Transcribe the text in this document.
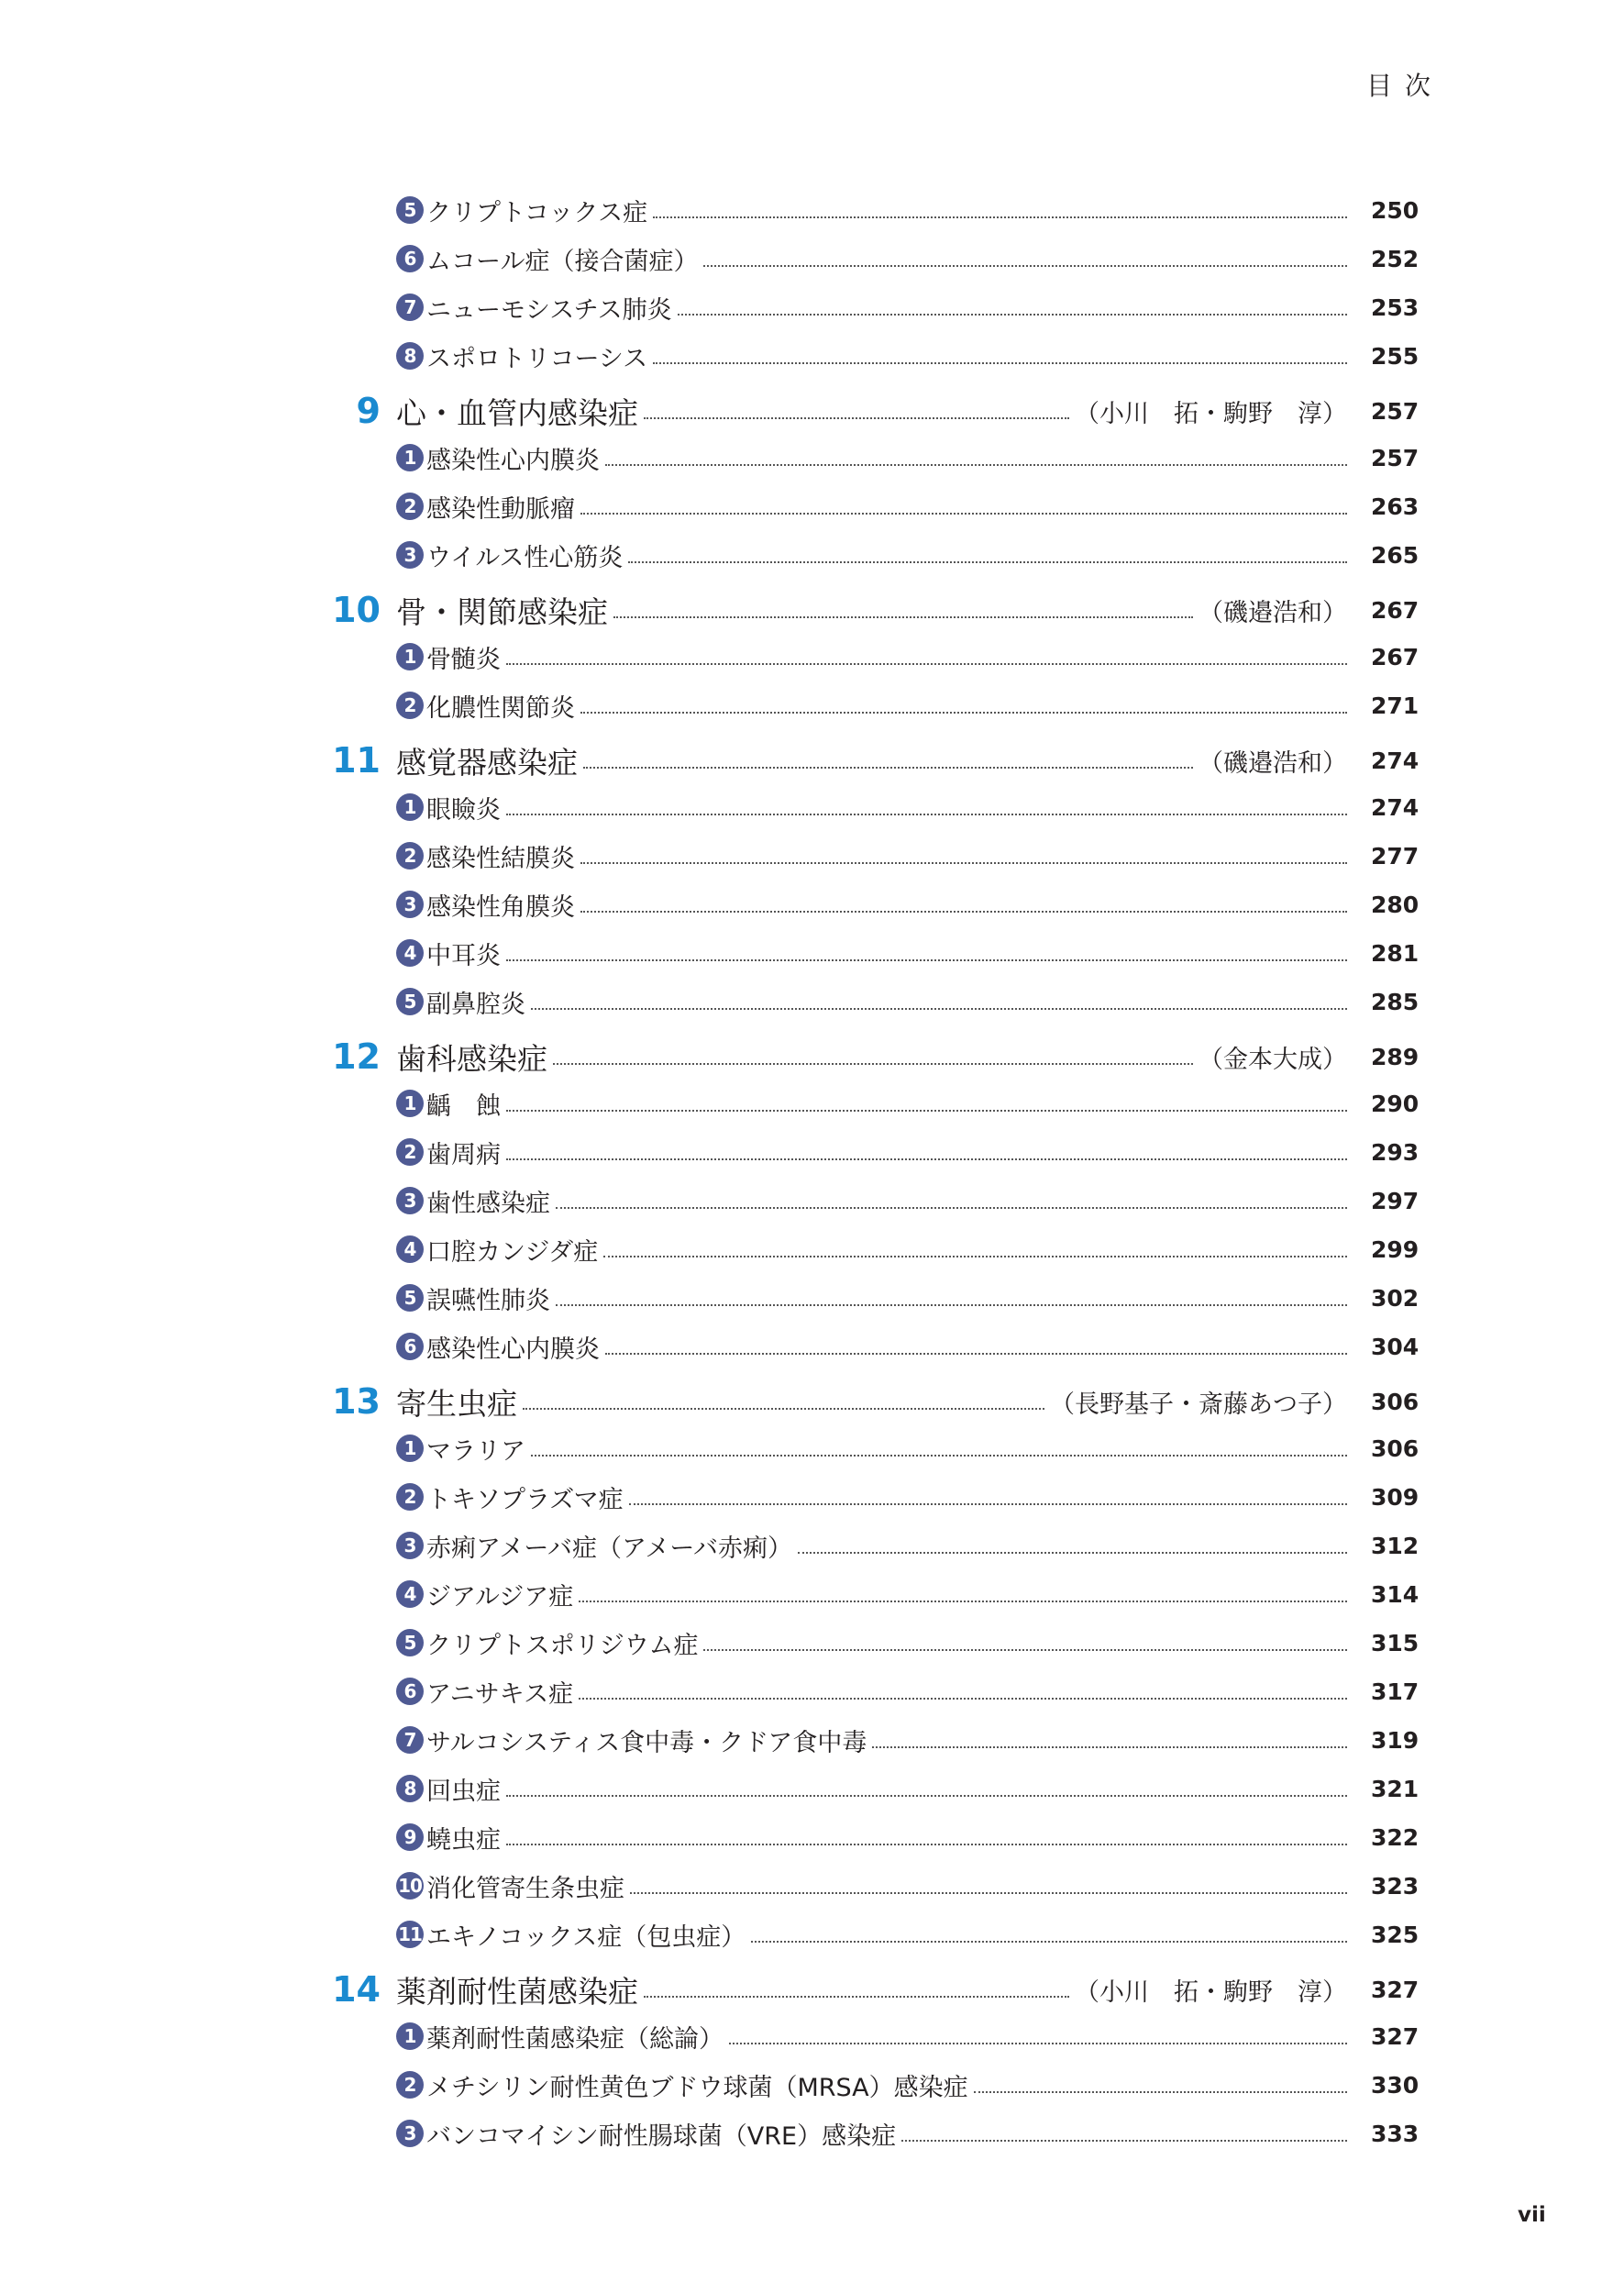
目次
5 クリプトコックス症	250
6 ムコール症（接合菌症）	252
7 ニューモシスチス肺炎	253
8 スポロトリコーシス	255
9 心・血管内感染症	（小川　拓・駒野　淳） 257
1 感染性心内膜炎	257
2 感染性動脈瘤	263
3 ウイルス性心筋炎	265
10 骨・関節感染症	（磯邉浩和） 267
1 骨髄炎	267
2 化膿性関節炎	271
11 感覚器感染症	（磯邉浩和） 274
1 眼瞼炎	274
2 感染性結膜炎	277
3 感染性角膜炎	280
4 中耳炎	281
5 副鼻腔炎	285
12 歯科感染症	（金本大成） 289
1 齲　蝕	290
2 歯周病	293
3 歯性感染症	297
4 口腔カンジダ症	299
5 誤嚥性肺炎	302
6 感染性心内膜炎	304
13 寄生虫症	（長野基子・斎藤あつ子） 306
1 マラリア	306
2 トキソプラズマ症	309
3 赤痢アメーバ症（アメーバ赤痢）	312
4 ジアルジア症	314
5 クリプトスポリジウム症	315
6 アニサキス症	317
7 サルコシスティス食中毒・クドア食中毒	319
8 回虫症	321
9 蟯虫症	322
10 消化管寄生条虫症	323
11 エキノコックス症（包虫症）	325
14 薬剤耐性菌感染症	（小川　拓・駒野　淳） 327
1 薬剤耐性菌感染症（総論）	327
2 メチシリン耐性黄色ブドウ球菌（MRSA）感染症	330
3 バンコマイシン耐性腸球菌（VRE）感染症	333
vii
